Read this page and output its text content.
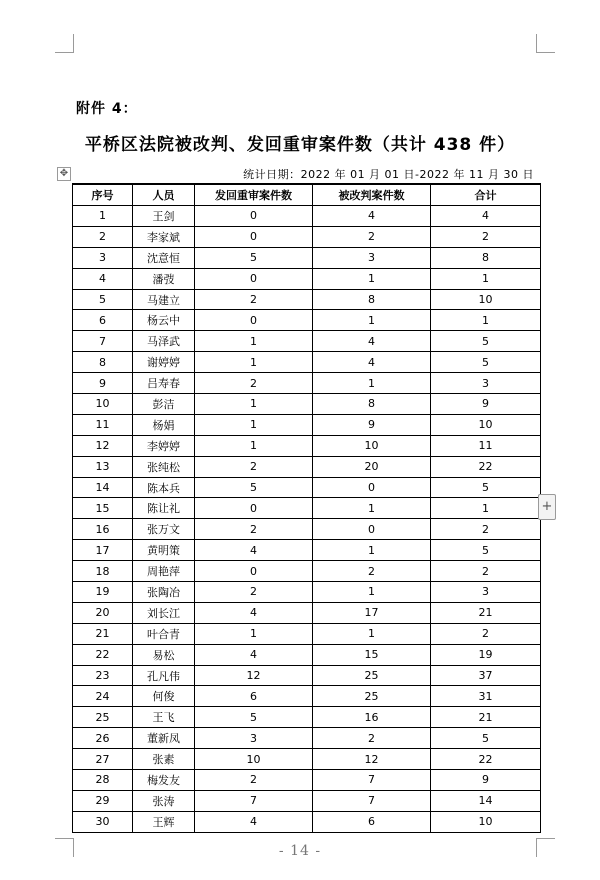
附件 4：
平桥区法院被改判、发回重审案件数（共计 438 件）
✥	统计日期：2022 年 01 月 01 日-2022 年 11 月 30 日
序号	人员	发回重审案件数	被改判案件数	合计
1	王剑	0	4	4
2	李家斌	0	2	2
3	沈意恒	5	3	8
4	潘弢	0	1	1
5	马建立	2	8	10
6	杨云中	0	1	1
7	马泽武	1	4	5
8	谢婷婷	1	4	5
9	吕寿春	2	1	3
10	彭洁	1	8	9
11	杨娟	1	9	10
12	李婷婷	1	10	11
13	张纯松	2	20	22
14	陈本兵	5	0	5
15	陈让礼	0	1	1
16	张万文	2	0	2
17	黄明策	4	1	5
18	周艳萍	0	2	2
19	张陶冶	2	1	3
20	刘长江	4	17	21
21	叶合青	1	1	2
22	易松	4	15	19
23	孔凡伟	12	25	37
24	何俊	6	25	31
25	王飞	5	16	21
26	董新凤	3	2	5
27	张素	10	12	22
28	梅发友	2	7	9
29	张涛	7	7	14
30	王辉	4	6	10
+
- 14 -
